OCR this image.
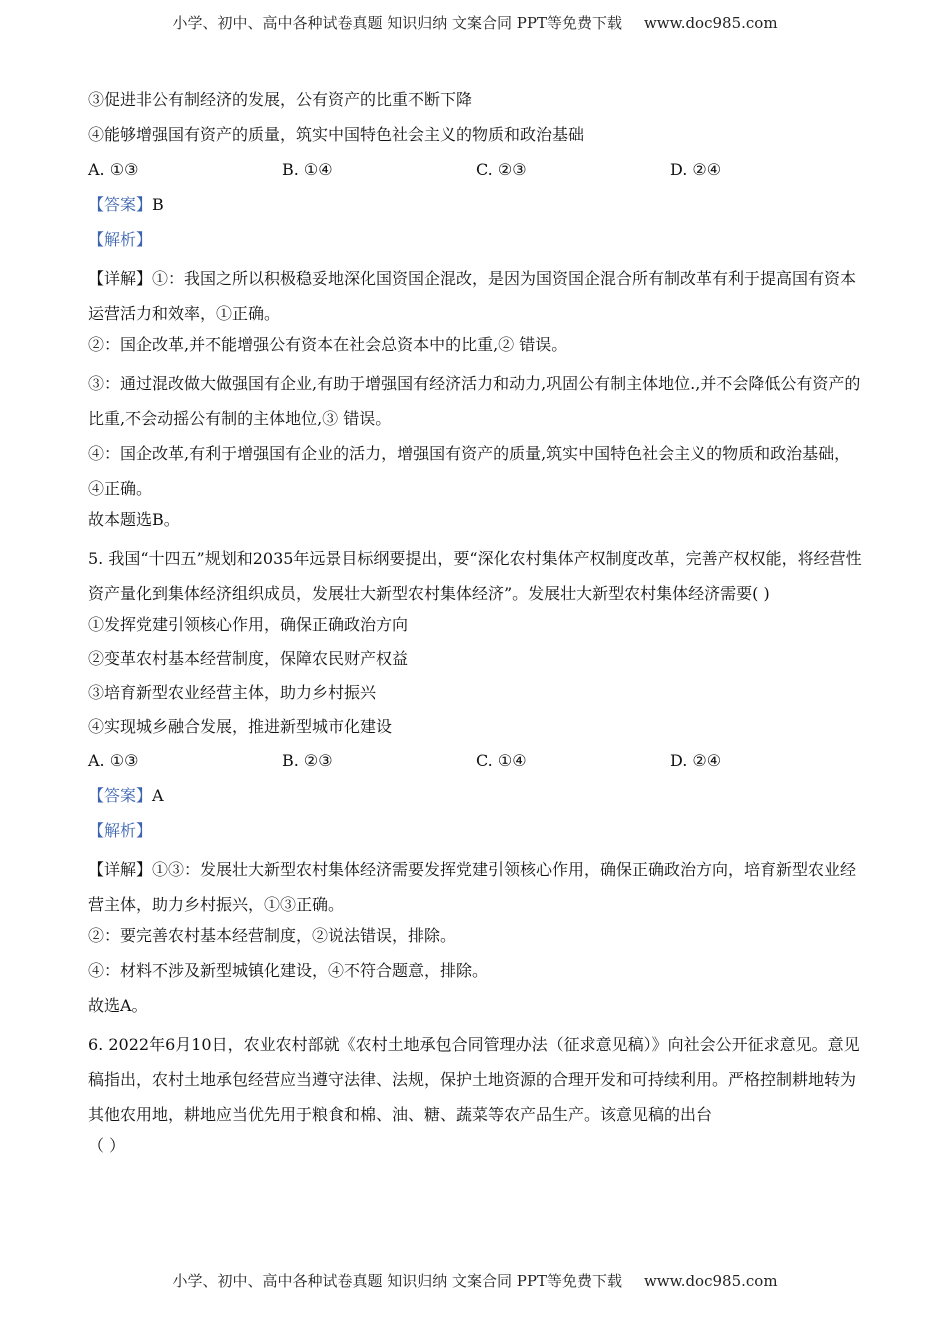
小学、初中、高中各种试卷真题 知识归纳 文案合同 PPT等免费下载 www.doc985.com
③促进非公有制经济的发展，公有资产的比重不断下降
④能够增强国有资产的质量，筑实中国特色社会主义的物质和政治基础
A. ①③	B. ①④	C. ②③	D. ②④
【答案】B
【解析】
【详解】①：我国之所以积极稳妥地深化国资国企混改，是因为国资国企混合所有制改革有利于提高国有资本运营活力和效率，①正确。
②：国企改革,并不能增强公有资本在社会总资本中的比重,② 错误。
③：通过混改做大做强国有企业,有助于增强国有经济活力和动力,巩固公有制主体地位.,并不会降低公有资产的比重,不会动摇公有制的主体地位,③ 错误。
④：国企改革,有利于增强国有企业的活力，增强国有资产的质量,筑实中国特色社会主义的物质和政治基础，④正确。
故本题选B。
5. 我国“十四五”规划和2035年远景目标纲要提出，要“深化农村集体产权制度改革，完善产权权能，将经营性资产量化到集体经济组织成员，发展壮大新型农村集体经济”。发展壮大新型农村集体经济需要( )
①发挥党建引领核心作用，确保正确政治方向
②变革农村基本经营制度，保障农民财产权益
③培育新型农业经营主体，助力乡村振兴
④实现城乡融合发展，推进新型城市化建设
A. ①③	B. ②③	C. ①④	D. ②④
【答案】A
【解析】
【详解】①③：发展壮大新型农村集体经济需要发挥党建引领核心作用，确保正确政治方向，培育新型农业经营主体，助力乡村振兴，①③正确。
②：要完善农村基本经营制度，②说法错误，排除。
④：材料不涉及新型城镇化建设，④不符合题意，排除。
故选A。
6. 2022年6月10日，农业农村部就《农村土地承包合同管理办法（征求意见稿）》向社会公开征求意见。意见稿指出，农村土地承包经营应当遵守法律、法规，保护土地资源的合理开发和可持续利用。严格控制耕地转为其他农用地，耕地应当优先用于粮食和棉、油、糖、蔬菜等农产品生产。该意见稿的出台
（ ）
小学、初中、高中各种试卷真题 知识归纳 文案合同 PPT等免费下载 www.doc985.com
